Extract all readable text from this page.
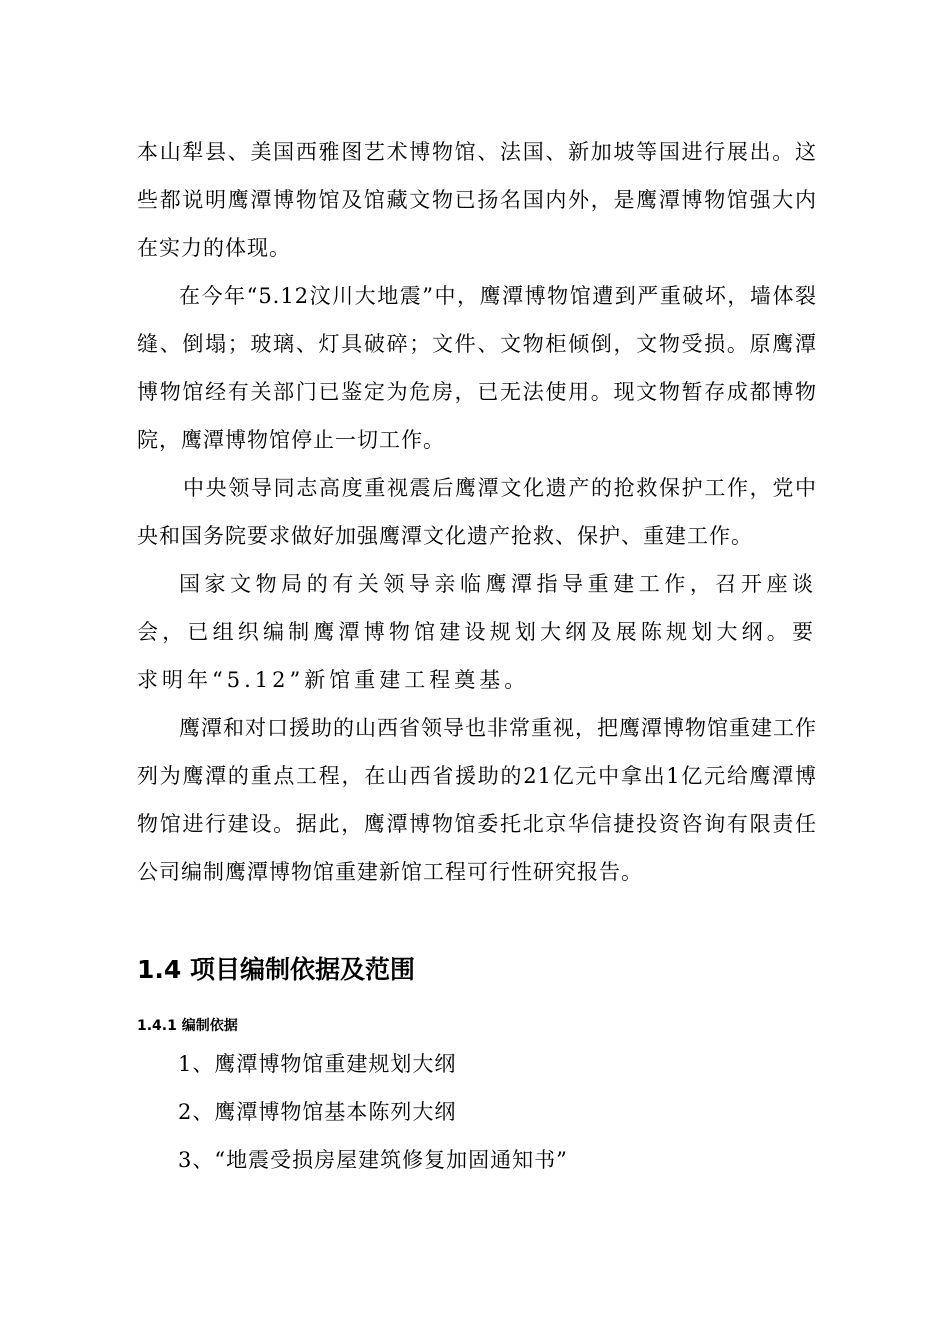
本山犁县、美国西雅图艺术博物馆、法国、新加坡等国进行展出。这些都说明鹰潭博物馆及馆藏文物已扬名国内外，是鹰潭博物馆强大内在实力的体现。

在今年“5.12汶川大地震”中，鹰潭博物馆遭到严重破坏，墙体裂缝、倒塌；玻璃、灯具破碎；文件、文物柜倾倒，文物受损。原鹰潭博物馆经有关部门已鉴定为危房，已无法使用。现文物暂存成都博物院，鹰潭博物馆停止一切工作。

中央领导同志高度重视震后鹰潭文化遗产的抢救保护工作，党中央和国务院要求做好加强鹰潭文化遗产抢救、保护、重建工作。

国家文物局的有关领导亲临鹰潭指导重建工作，召开座谈会，已组织编制鹰潭博物馆建设规划大纲及展陈规划大纲。要求明年“5.12”新馆重建工程奠基。

鹰潭和对口援助的山西省领导也非常重视，把鹰潭博物馆重建工作列为鹰潭的重点工程，在山西省援助的21亿元中拿出1亿元给鹰潭博物馆进行建设。据此，鹰潭博物馆委托北京华信捷投资咨询有限责任公司编制鹰潭博物馆重建新馆工程可行性研究报告。

1.4 项目编制依据及范围
1.4.1 编制依据
1、鹰潭博物馆重建规划大纲
2、鹰潭博物馆基本陈列大纲
3、“地震受损房屋建筑修复加固通知书”
